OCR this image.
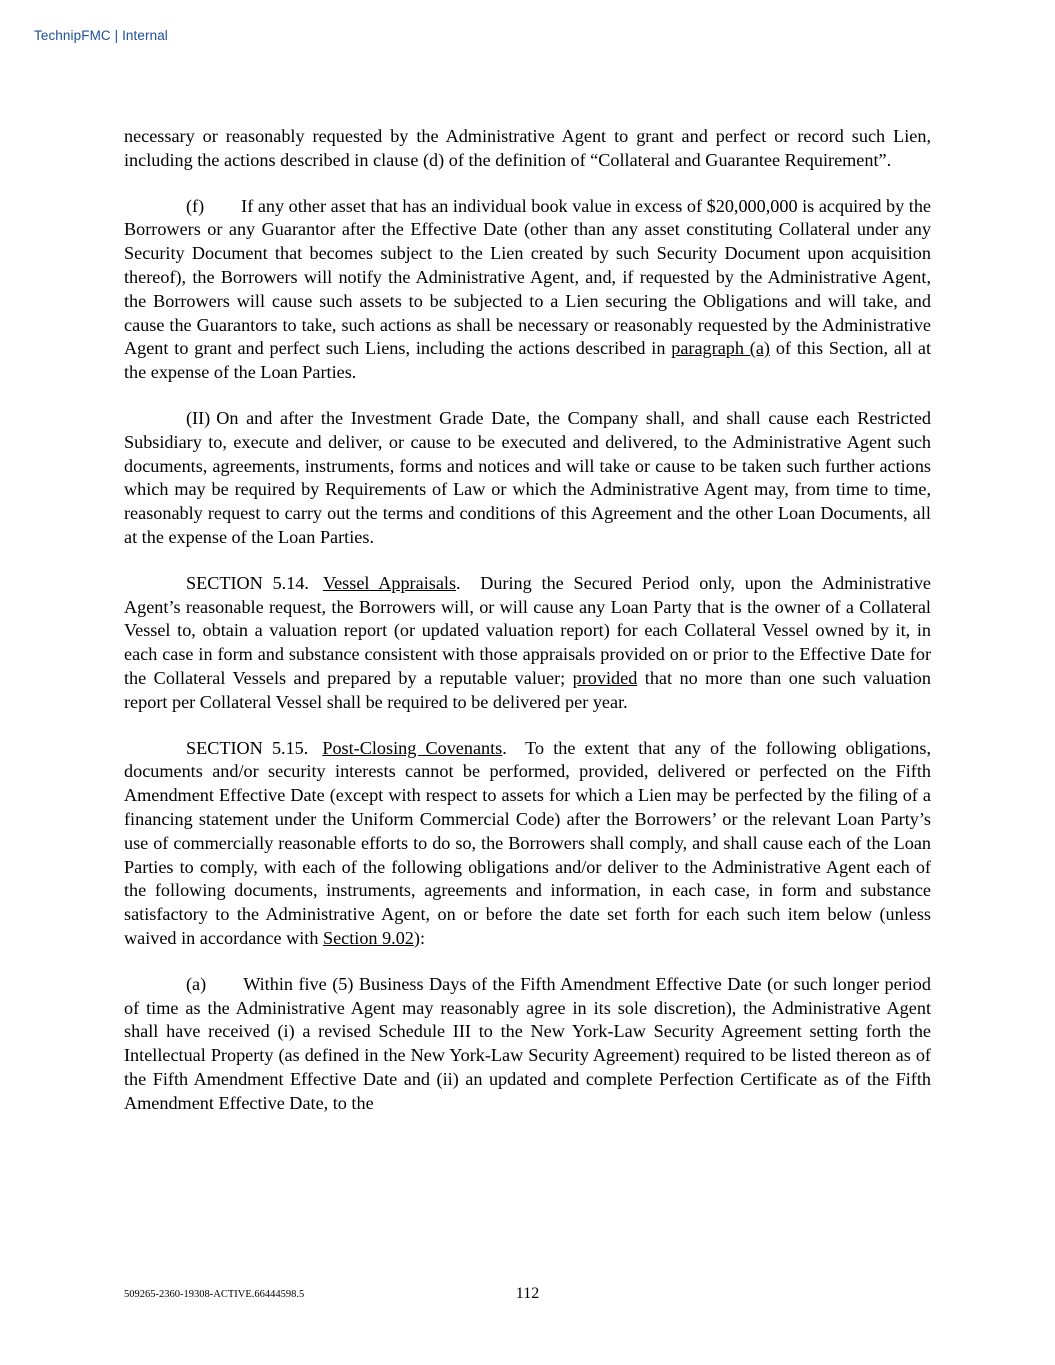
TechnipFMC | Internal

necessary or reasonably requested by the Administrative Agent to grant and perfect or record such Lien, including the actions described in clause (d) of the definition of “Collateral and Guarantee Requirement”.

(f) If any other asset that has an individual book value in excess of $20,000,000 is acquired by the Borrowers or any Guarantor after the Effective Date (other than any asset constituting Collateral under any Security Document that becomes subject to the Lien created by such Security Document upon acquisition thereof), the Borrowers will notify the Administrative Agent, and, if requested by the Administrative Agent, the Borrowers will cause such assets to be subjected to a Lien securing the Obligations and will take, and cause the Guarantors to take, such actions as shall be necessary or reasonably requested by the Administrative Agent to grant and perfect such Liens, including the actions described in paragraph (a) of this Section, all at the expense of the Loan Parties.

(II) On and after the Investment Grade Date, the Company shall, and shall cause each Restricted Subsidiary to, execute and deliver, or cause to be executed and delivered, to the Administrative Agent such documents, agreements, instruments, forms and notices and will take or cause to be taken such further actions which may be required by Requirements of Law or which the Administrative Agent may, from time to time, reasonably request to carry out the terms and conditions of this Agreement and the other Loan Documents, all at the expense of the Loan Parties.

SECTION 5.14. Vessel Appraisals.  During the Secured Period only, upon the Administrative Agent’s reasonable request, the Borrowers will, or will cause any Loan Party that is the owner of a Collateral Vessel to, obtain a valuation report (or updated valuation report) for each Collateral Vessel owned by it, in each case in form and substance consistent with those appraisals provided on or prior to the Effective Date for the Collateral Vessels and prepared by a reputable valuer; provided that no more than one such valuation report per Collateral Vessel shall be required to be delivered per year.

SECTION 5.15. Post-Closing Covenants.  To the extent that any of the following obligations, documents and/or security interests cannot be performed, provided, delivered or perfected on the Fifth Amendment Effective Date (except with respect to assets for which a Lien may be perfected by the filing of a financing statement under the Uniform Commercial Code) after the Borrowers’ or the relevant Loan Party’s use of commercially reasonable efforts to do so, the Borrowers shall comply, and shall cause each of the Loan Parties to comply, with each of the following obligations and/or deliver to the Administrative Agent each of the following documents, instruments, agreements and information, in each case, in form and substance satisfactory to the Administrative Agent, on or before the date set forth for each such item below (unless waived in accordance with Section 9.02):

(a) Within five (5) Business Days of the Fifth Amendment Effective Date (or such longer period of time as the Administrative Agent may reasonably agree in its sole discretion), the Administrative Agent shall have received (i) a revised Schedule III to the New York-Law Security Agreement setting forth the Intellectual Property (as defined in the New York-Law Security Agreement) required to be listed thereon as of the Fifth Amendment Effective Date and (ii) an updated and complete Perfection Certificate as of the Fifth Amendment Effective Date, to the

509265-2360-19308-ACTIVE.66444598.5	112
